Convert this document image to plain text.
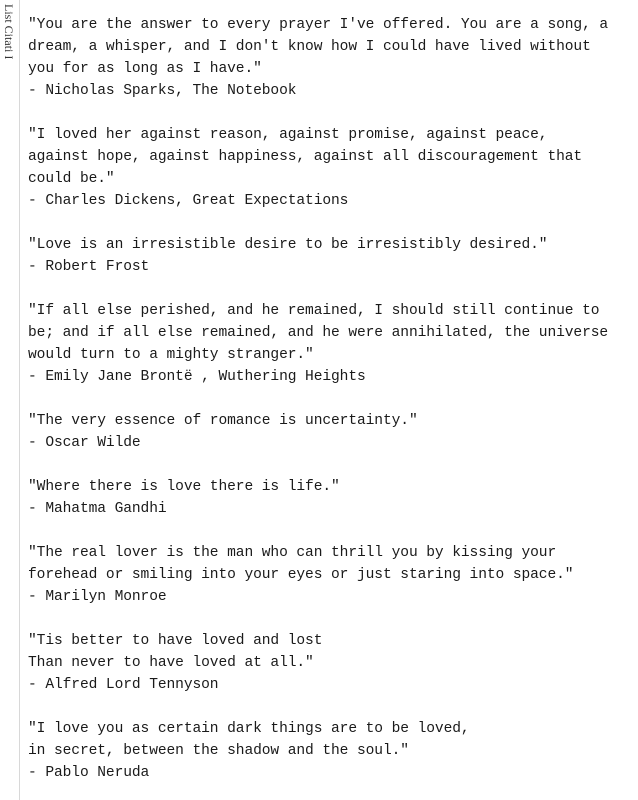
List Citati I "You are the answer to every prayer I've offered. You are a song, a
dream, a whisper, and I don't know how I could have lived without
you for as long as I have."
- Nicholas Sparks, The Notebook
"I loved her against reason, against promise, against peace,
against hope, against happiness, against all discouragement that
could be."
- Charles Dickens, Great Expectations
"Love is an irresistible desire to be irresistibly desired."
- Robert Frost
"If all else perished, and he remained, I should still continue to
be; and if all else remained, and he were annihilated, the universe
would turn to a mighty stranger."
- Emily Jane Brontë , Wuthering Heights
"The very essence of romance is uncertainty."
- Oscar Wilde
"Where there is love there is life."
- Mahatma Gandhi
"The real lover is the man who can thrill you by kissing your
forehead or smiling into your eyes or just staring into space."
- Marilyn Monroe
"Tis better to have loved and lost
Than never to have loved at all."
- Alfred Lord Tennyson
"I love you as certain dark things are to be loved,
in secret, between the shadow and the soul."
- Pablo Neruda
